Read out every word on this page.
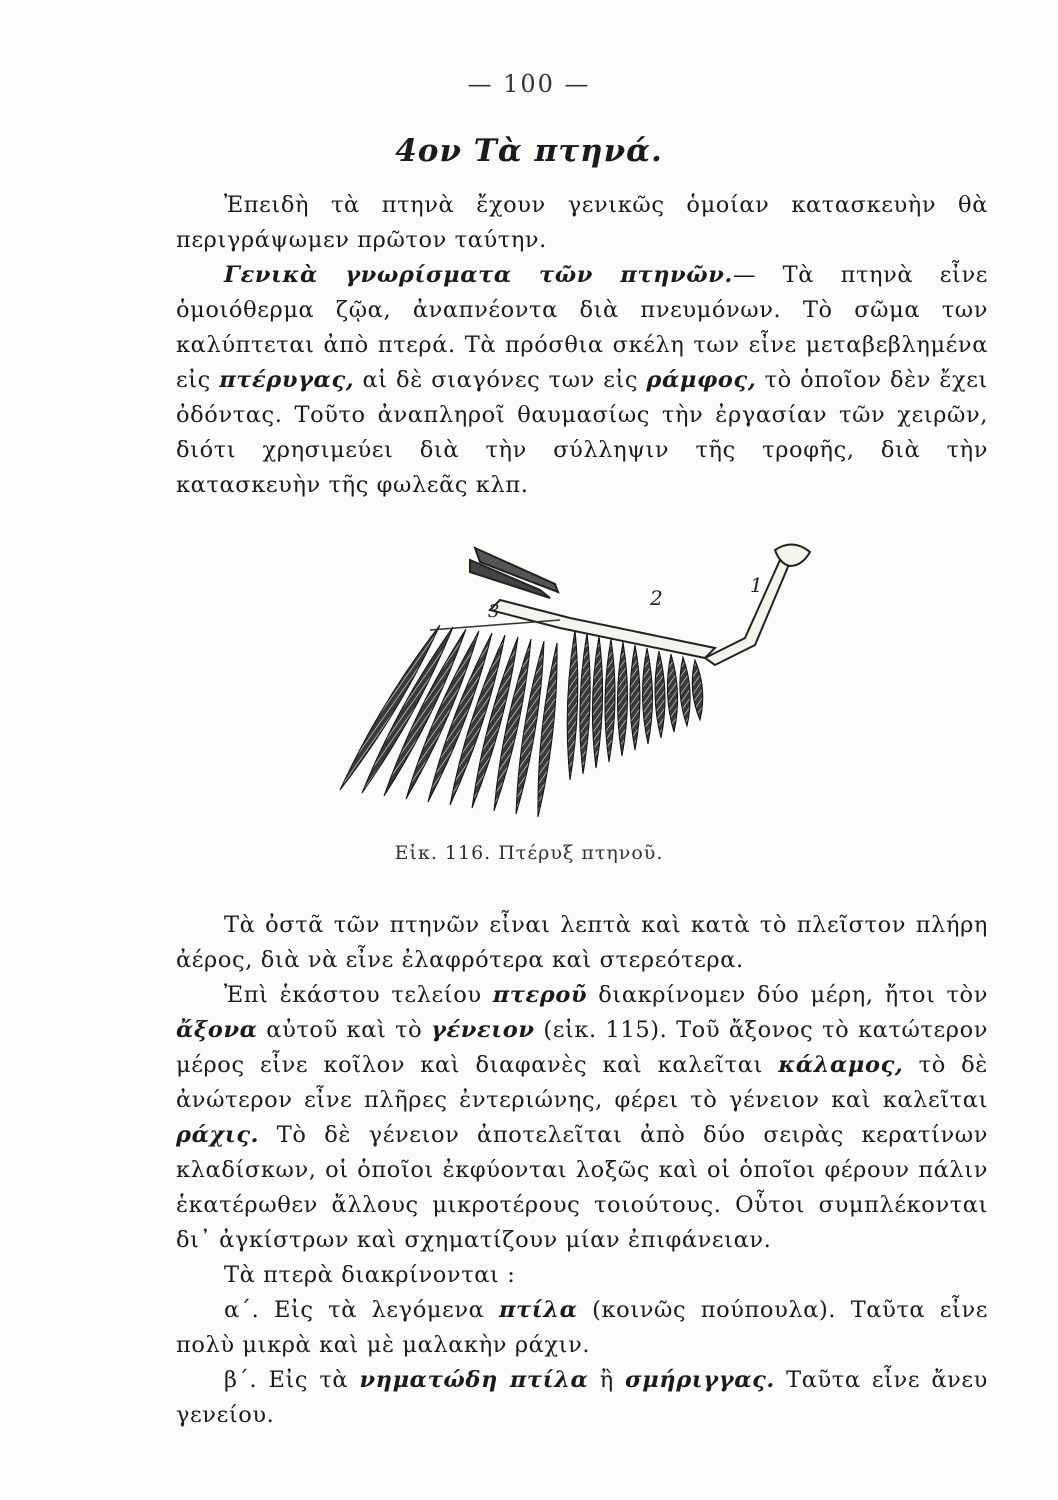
— 100 —
4ον Τὰ πτηνά.

Ἐπειδὴ τὰ πτηνὰ ἔχουν γενικῶς ὁμοίαν κατασκευὴν θὰ περιγράψωμεν πρῶτον ταύτην.

Γενικὰ γνωρίσματα τῶν πτηνῶν.— Τὰ πτηνὰ εἶνε ὁμοιόθερμα ζῷα, ἀναπνέοντα διὰ πνευμόνων. Τὸ σῶμα των καλύπτεται ἀπὸ πτερά. Τὰ πρόσθια σκέλη των εἶνε μεταβεβλημένα εἰς πτέρυγας, αἱ δὲ σιαγόνες των εἰς ράμφος, τὸ ὁποῖον δὲν ἔχει ὀδόντας. Τοῦτο ἀναπληροῖ θαυμασίως τὴν ἐργασίαν τῶν χειρῶν, διότι χρησιμεύει διὰ τὴν σύλληψιν τῆς τροφῆς, διὰ τὴν κατασκευὴν τῆς φωλεᾶς κλπ.

1
2
3
Εἰκ. 116. Πτέρυξ πτηνοῦ.

Τὰ ὀστᾶ τῶν πτηνῶν εἶναι λεπτὰ καὶ κατὰ τὸ πλεῖστον πλήρη ἀέρος, διὰ νὰ εἶνε ἐλαφρότερα καὶ στερεότερα.

Ἐπὶ ἑκάστου τελείου πτεροῦ διακρίνομεν δύο μέρη, ἤτοι τὸν ἄξονα αὐτοῦ καὶ τὸ γένειον (εἰκ. 115). Τοῦ ἄξονος τὸ κατώτερον μέρος εἶνε κοῖλον καὶ διαφανὲς καὶ καλεῖται κάλαμος, τὸ δὲ ἀνώτερον εἶνε πλῆρες ἐντεριώνης, φέρει τὸ γένειον καὶ καλεῖται ράχις. Τὸ δὲ γένειον ἀποτελεῖται ἀπὸ δύο σειρὰς κερατίνων κλαδίσκων, οἱ ὁποῖοι ἐκφύονται λοξῶς καὶ οἱ ὁποῖοι φέρουν πάλιν ἑκατέρωθεν ἄλλους μικροτέρους τοιούτους. Οὗτοι συμπλέκονται δι᾿ ἀγκίστρων καὶ σχηματίζουν μίαν ἐπιφάνειαν.

Τὰ πτερὰ διακρίνονται :

α΄. Εἰς τὰ λεγόμενα πτίλα (κοινῶς πούπουλα). Ταῦτα εἶνε πολὺ μικρὰ καὶ μὲ μαλακὴν ράχιν.

β΄. Εἰς τὰ νηματώδη πτίλα ἢ σμήριγγας. Ταῦτα εἶνε ἄνευ γενείου.
